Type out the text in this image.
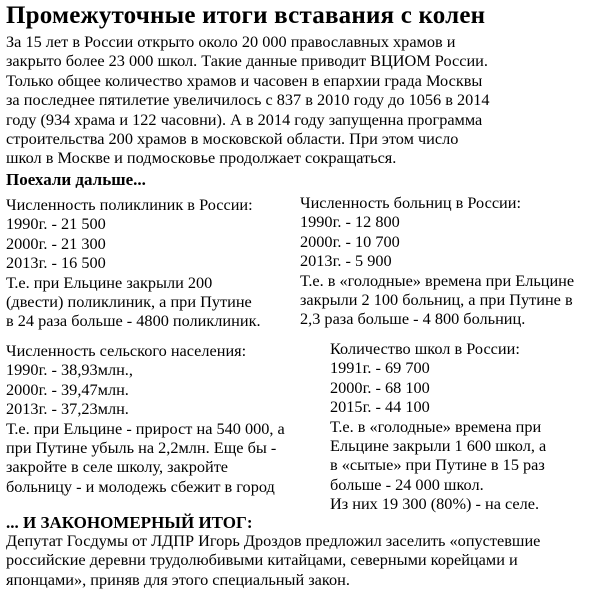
Промежуточные итоги вставания с колен
За 15 лет в России открыто около 20 000 православных храмов и
закрыто более 23 000 школ. Такие данные приводит ВЦИОМ России.
Только общее количество храмов и часовен в епархии града Москвы
за последнее пятилетие увеличилось с 837 в 2010 году до 1056 в 2014
году (934 храма и 122 часовни). А в 2014 году запущенна программа
строительства 200 храмов в московской области. При этом число
школ в Москве и подмосковье продолжает сокращаться.
Поехали дальше...
Численность поликлиник в России:
1990г. - 21 500
2000г. - 21 300
2013г. - 16 500
Т.е. при Ельцине закрыли 200
(двести) поликлиник, а при Путине
в 24 раза больше - 4800 поликлиник.
Численность больниц в России:
1990г. - 12 800
2000г. - 10 700
2013г. - 5 900
Т.е. в «голодные» времена при Ельцине
закрыли 2 100 больниц, а при Путине в
2,3 раза больше - 4 800 больниц.
Численность сельского населения:
1990г. - 38,93млн.,
2000г. - 39,47млн.
2013г. - 37,23млн.
Т.е. при Ельцине - прирост на 540 000, а
при Путине убыль на 2,2млн. Еще бы -
закройте в селе школу, закройте
больницу - и молодежь сбежит в город
Количество школ в России:
1991г. - 69 700
2000г. - 68 100
2015г. - 44 100
Т.е. в «голодные» времена при
Ельцине закрыли 1 600 школ, а
в «сытые» при Путине в 15 раз
больше - 24 000 школ.
Из них 19 300 (80%) - на селе.
... И ЗАКОНОМЕРНЫЙ ИТОГ:
Депутат Госдумы от ЛДПР Игорь Дроздов предложил заселить «опустевшие
российские деревни трудолюбивыми китайцами, северными корейцами и
японцами», приняв для этого специальный закон.
